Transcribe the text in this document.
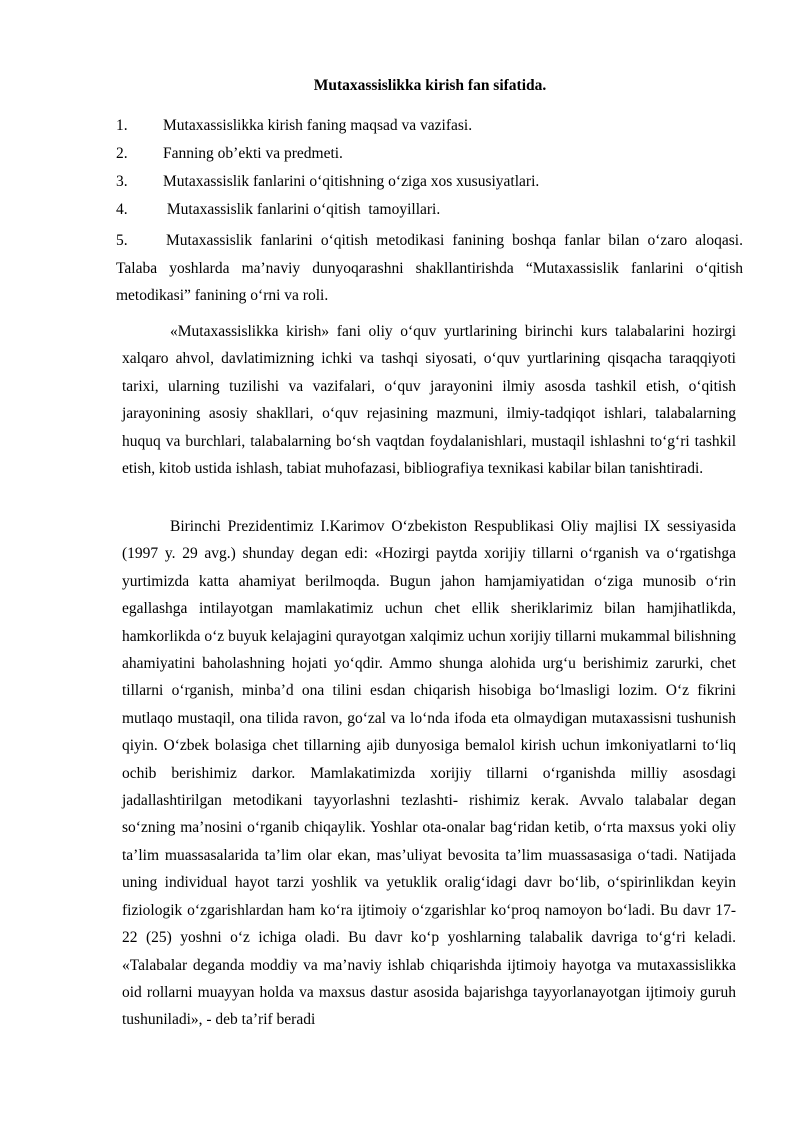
Mutaxassislikka kirish fan sifatida.
1. Mutaxassislikka kirish faning maqsad va vazifasi.
2. Fanning ob’ekti va predmeti.
3. Mutaxassislik fanlarini o‘qitishning o‘ziga xos xususiyatlari.
4. Mutaxassislik fanlarini o‘qitish  tamoyillari.
5. Mutaxassislik fanlarini o‘qitish metodikasi fanining boshqa fanlar bilan o‘zaro aloqasi. Talaba yoshlarda ma’naviy dunyoqarashni shakllantirishda “Mutaxassislik fanlarini o‘qitish metodikasi” fanining o‘rni va roli.
«Mutaxassislikka kirish» fani oliy o‘quv yurtlarining birinchi kurs talabalarini hozirgi xalqaro ahvol, davlatimizning ichki va tashqi siyosati, o‘quv yurtlarining qisqacha taraqqiyoti tarixi, ularning tuzilishi va vazifalari, o‘quv jarayonini ilmiy asosda tashkil etish, o‘qitish jarayonining asosiy shakllari, o‘quv rejasining mazmuni, ilmiy-tadqiqot ishlari, talabalarning huquq va burchlari, talabalarning bo‘sh vaqtdan foydalanishlari, mustaqil ishlashni to‘g‘ri tashkil etish, kitob ustida ishlash, tabiat muhofazasi, bibliografiya texnikasi kabilar bilan tanishtiradi.
Birinchi Prezidentimiz I.Karimov O‘zbekiston Respublikasi Oliy majlisi IX sessiyasida (1997 y. 29 avg.) shunday degan edi: «Hozirgi paytda xorijiy tillarni o‘rganish va o‘rgatishga yurtimizda katta ahamiyat berilmoqda. Bugun jahon hamjamiyatidan o‘ziga munosib o‘rin egallashga intilayotgan mamlakatimiz uchun chet ellik sheriklarimiz bilan hamjihatlikda, hamkorlikda o‘z buyuk kelajagini qurayotgan xalqimiz uchun xorijiy tillarni mukammal bilishning ahamiyatini baholashning hojati yo‘qdir. Ammo shunga alohida urg‘u berishimiz zarurki, chet tillarni o‘rganish, minba’d ona tilini esdan chiqarish hisobiga bo‘lmasligi lozim. O‘z fikrini mutlaqo mustaqil, ona tilida ravon, go‘zal va lo‘nda ifoda eta olmaydigan mutaxassisni tushunish qiyin. O‘zbek bolasiga chet tillarning ajib dunyosiga bemalol kirish uchun imkoniyatlarni to‘liq ochib berishimiz darkor. Mamlakatimizda xorijiy tillarni o‘rganishda milliy asosdagi jadallashtirilgan metodikani tayyorlashni tezlashti- rishimiz kerak. Avvalo talabalar degan so‘zning ma’nosini o‘rganib chiqaylik. Yoshlar ota-onalar bag‘ridan ketib, o‘rta maxsus yoki oliy ta’lim muassasalarida ta’lim olar ekan, mas’uliyat bevosita ta’lim muassasasiga o‘tadi. Natijada uning individual hayot tarzi yoshlik va yetuklik oralig‘idagi davr bo‘lib, o‘spirinlikdan keyin fiziologik o‘zgarishlardan ham ko‘ra ijtimoiy o‘zgarishlar ko‘proq namoyon bo‘ladi. Bu davr 17-22 (25) yoshni o‘z ichiga oladi. Bu davr ko‘p yoshlarning talabalik davriga to‘g‘ri keladi. «Talabalar deganda moddiy va ma’naviy ishlab chiqarishda ijtimoiy hayotga va mutaxassislikka oid rollarni muayyan holda va maxsus dastur asosida bajarishga tayyorlanayotgan ijtimoiy guruh tushuniladi», - deb ta’rif beradi
